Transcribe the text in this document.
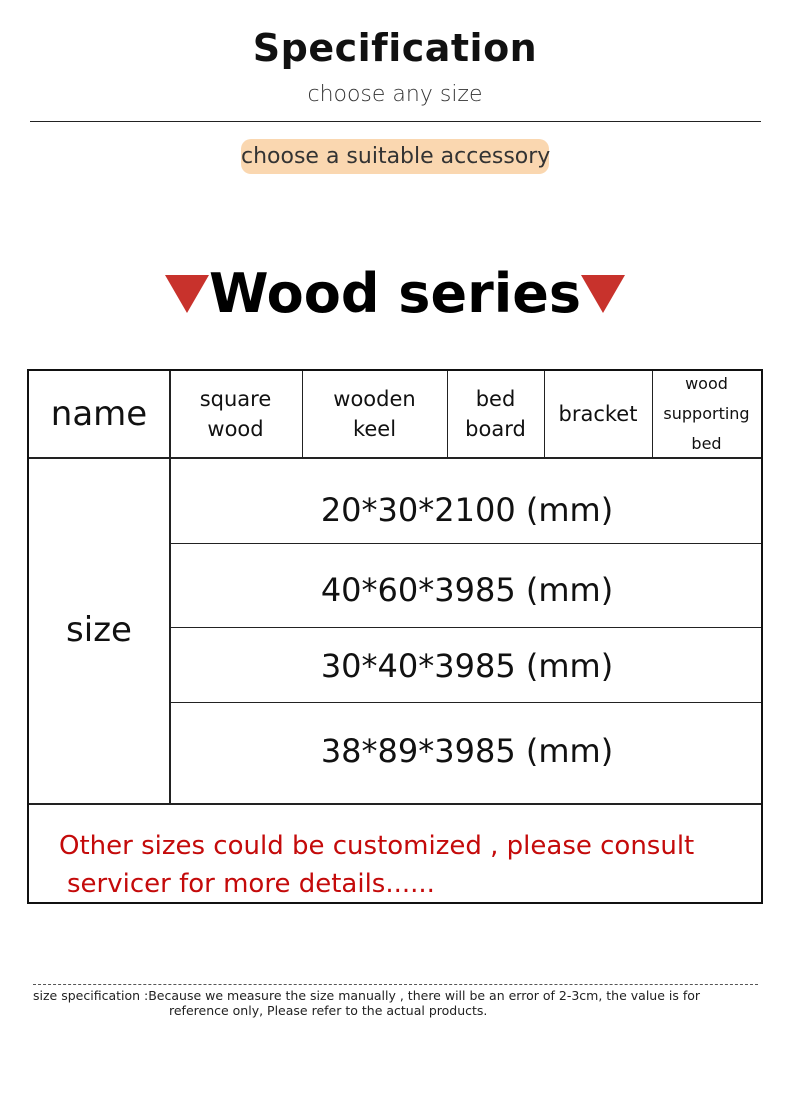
Specification
choose any size
choose a suitable accessory
Wood series
name	square
wood
wooden
keel
bed
board
bracket
wood
supporting
bed
size
20*30*2100 (mm)
40*60*3985 (mm)
30*40*3985 (mm)
38*89*3985 (mm)
Other sizes could be customized , please consult
servicer for more details......
size specification :Because we measure the size manually , there will be an error of 2-3cm, the value is for
reference only, Please refer to the actual products.
